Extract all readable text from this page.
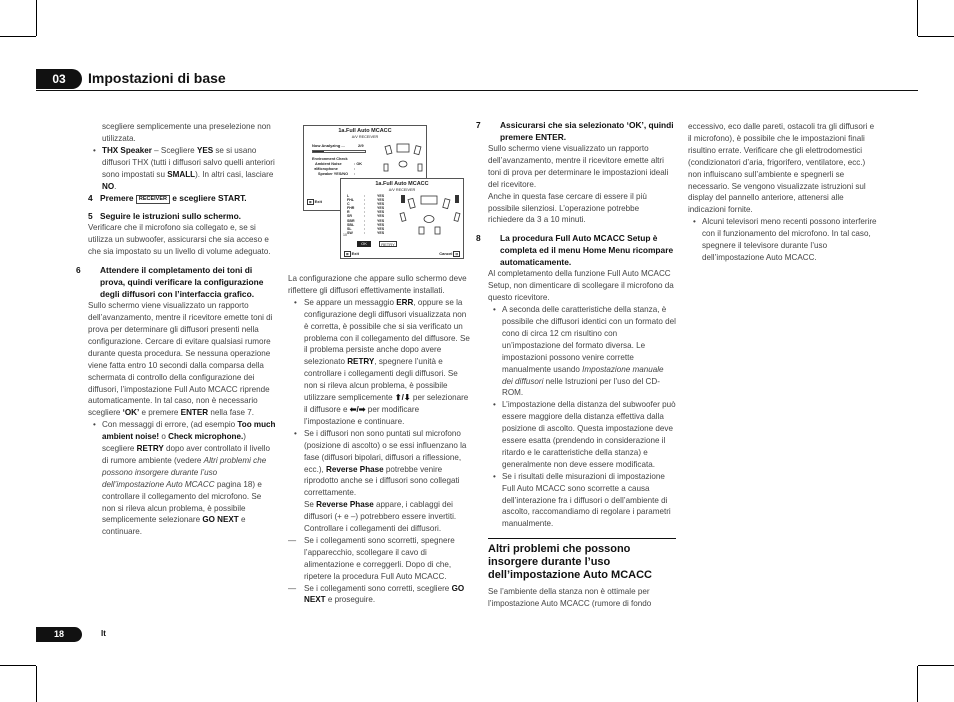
03	Impostazioni di base

scegliere semplicemente una preselezione non utilizzata.

• THX Speaker – Scegliere YES se si usano diffusori THX (tutti i diffusori salvo quelli anteriori sono impostati su SMALL). In altri casi, lasciare NO.

4 Premere RECEIVER e scegliere START.

5 Seguire le istruzioni sullo schermo.

Verificare che il microfono sia collegato e, se si utilizza un subwoofer, assicurarsi che sia acceso e che sia impostato su un livello di volume adeguato.

6 Attendere il completamento dei toni di prova, quindi verificare la configurazione degli diffusori con l’interfaccia grafico.

Sullo schermo viene visualizzato un rapporto dell’avanzamento, mentre il ricevitore emette toni di prova per determinare gli diffusori presenti nella configurazione. Cercare di evitare qualsiasi rumore durante questa procedura. Se nessuna operazione viene fatta entro 10 secondi dalla comparsa della schermata di controllo della configurazione dei diffusori, l’impostazione Full Auto MCACC riprende automaticamente. In tal caso, non è necessario scegliere ‘OK’ e premere ENTER nella fase 7.

• Con messaggi di errore, (ad esempio Too much ambient noise! o Check microphone.) scegliere RETRY dopo aver controllato il livello di rumore ambiente (vedere Altri problemi che possono insorgere durante l’uso dell’impostazione Auto MCACC pagina 18) e controllare il collegamento del microfono. Se non si rileva alcun problema, è possibile semplicemente selezionare GO NEXT e continuare.

1a.Full Auto MCACC
A/V RECEIVER
Now Analyzing ...	2/9
Environment Check
Ambient Noise	: OK
●Microphone	:
Speaker YES/NO :
⊞ Exit
1a.Full Auto MCACC
A/V RECEIVER
L	:	YES
FHL	:	YES
C	:	YES
FHR	:	YES
R	:	YES
SR	:	YES
SBR	:	YES
SBL	:	YES
SL	:	YES
SW	:	YES
10
OK	RETRY
⊞ Exit	Cancel ⊟

La configurazione che appare sullo schermo deve riflettere gli diffusori effettivamente installati.

• Se appare un messaggio ERR, oppure se la configurazione degli diffusori visualizzata non è corretta, è possibile che si sia verificato un problema con il collegamento del diffusore. Se il problema persiste anche dopo avere selezionato RETRY, spegnere l’unità e controllare i collegamenti degli diffusori. Se non si rileva alcun problema, è possibile utilizzare semplicemente ⬆/⬇ per selezionare il diffusore e ⬅/➡ per modificare l’impostazione e continuare.

• Se i diffusori non sono puntati sul microfono (posizione di ascolto) o se essi influenzano la fase (diffusori bipolari, diffusori a riflessione, ecc.), Reverse Phase potrebbe venire riprodotto anche se i diffusori sono collegati correttamente.

Se Reverse Phase appare, i cablaggi dei diffusori (+ e –) potrebbero essere invertiti. Controllare i collegamenti dei diffusori.

— Se i collegamenti sono scorretti, spegnere l’apparecchio, scollegare il cavo di alimentazione e correggerli. Dopo di che, ripetere la procedura Full Auto MCACC.

— Se i collegamenti sono corretti, scegliere GO NEXT e proseguire.

7 Assicurarsi che sia selezionato ‘OK’, quindi premere ENTER.

Sullo schermo viene visualizzato un rapporto dell’avanzamento, mentre il ricevitore emette altri toni di prova per determinare le impostazioni ideali del ricevitore.

Anche in questa fase cercare di essere il più possibile silenziosi. L’operazione potrebbe richiedere da 3 a 10 minuti.

8 La procedura Full Auto MCACC Setup è completa ed il menu Home Menu ricompare automaticamente.

Al completamento della funzione Full Auto MCACC Setup, non dimenticare di scollegare il microfono da questo ricevitore.

• A seconda delle caratteristiche della stanza, è possibile che diffusori identici con un formato del cono di circa 12 cm risultino con un’impostazione del formato diversa. Le impostazioni possono venire corrette manualmente usando Impostazione manuale dei diffusori nelle Istruzioni per l’uso del CD-ROM.

• L’impostazione della distanza del subwoofer può essere maggiore della distanza effettiva dalla posizione di ascolto. Questa impostazione deve essere esatta (prendendo in considerazione il ritardo e le caratteristiche della stanza) e generalmente non deve essere modificata.

• Se i risultati delle misurazioni di impostazione Full Auto MCACC sono scorrette a causa dell’interazione fra i diffusori o dell’ambiente di ascolto, raccomandiamo di regolare i parametri manualmente.

Altri problemi che possono insorgere durante l’uso dell’impostazione Auto MCACC

Se l’ambiente della stanza non è ottimale per l’impostazione Auto MCACC (rumore di fondo

eccessivo, eco dalle pareti, ostacoli tra gli diffusori e il microfono), è possibile che le impostazioni finali risultino errate. Verificare che gli elettrodomestici (condizionatori d’aria, frigorifero, ventilatore, ecc.) non influiscano sull’ambiente e spegnerli se necessario. Se vengono visualizzate istruzioni sul display del pannello anteriore, attenersi alle indicazioni fornite.

• Alcuni televisori meno recenti possono interferire con il funzionamento del microfono. In tal caso, spegnere il televisore durante l’uso dell’impostazione Auto MCACC.

18	It
